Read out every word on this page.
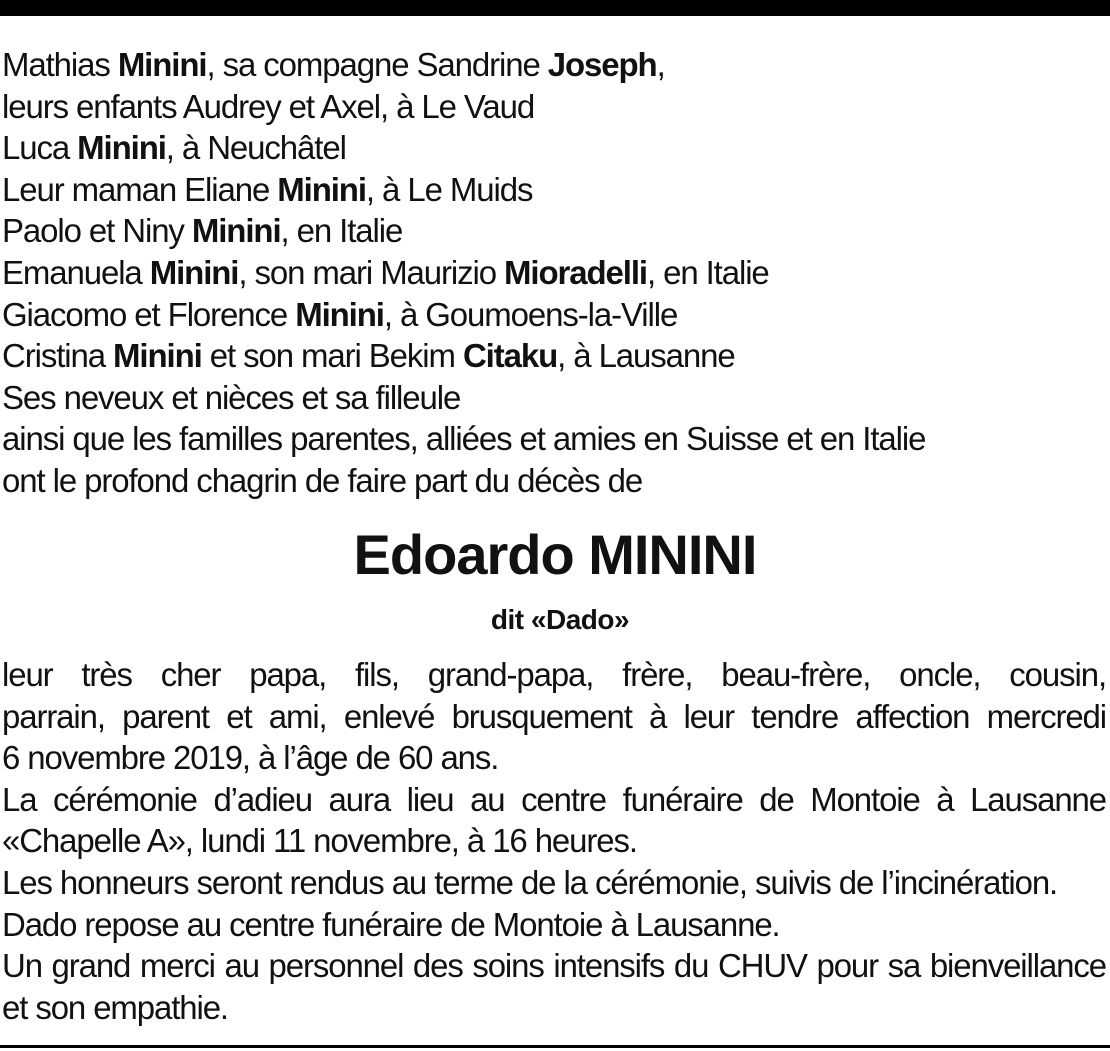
Mathias Minini, sa compagne Sandrine Joseph,
leurs enfants Audrey et Axel, à Le Vaud
Luca Minini, à Neuchâtel
Leur maman Eliane Minini, à Le Muids
Paolo et Niny Minini, en Italie
Emanuela Minini, son mari Maurizio Mioradelli, en Italie
Giacomo et Florence Minini, à Goumoens-la-Ville
Cristina Minini et son mari Bekim Citaku, à Lausanne
Ses neveux et nièces et sa filleule
ainsi que les familles parentes, alliées et amies en Suisse et en Italie
ont le profond chagrin de faire part du décès de
Edoardo MININI
dit «Dado»
leur très cher papa, fils, grand-papa, frère, beau-frère, oncle, cousin,
parrain, parent et ami, enlevé brusquement à leur tendre affection mercredi
6 novembre 2019, à l’âge de 60 ans.
La cérémonie d’adieu aura lieu au centre funéraire de Montoie à Lausanne
«Chapelle A», lundi 11 novembre, à 16 heures.
Les honneurs seront rendus au terme de la cérémonie, suivis de l’incinération.
Dado repose au centre funéraire de Montoie à Lausanne.
Un grand merci au personnel des soins intensifs du CHUV pour sa bienveillance
et son empathie.
